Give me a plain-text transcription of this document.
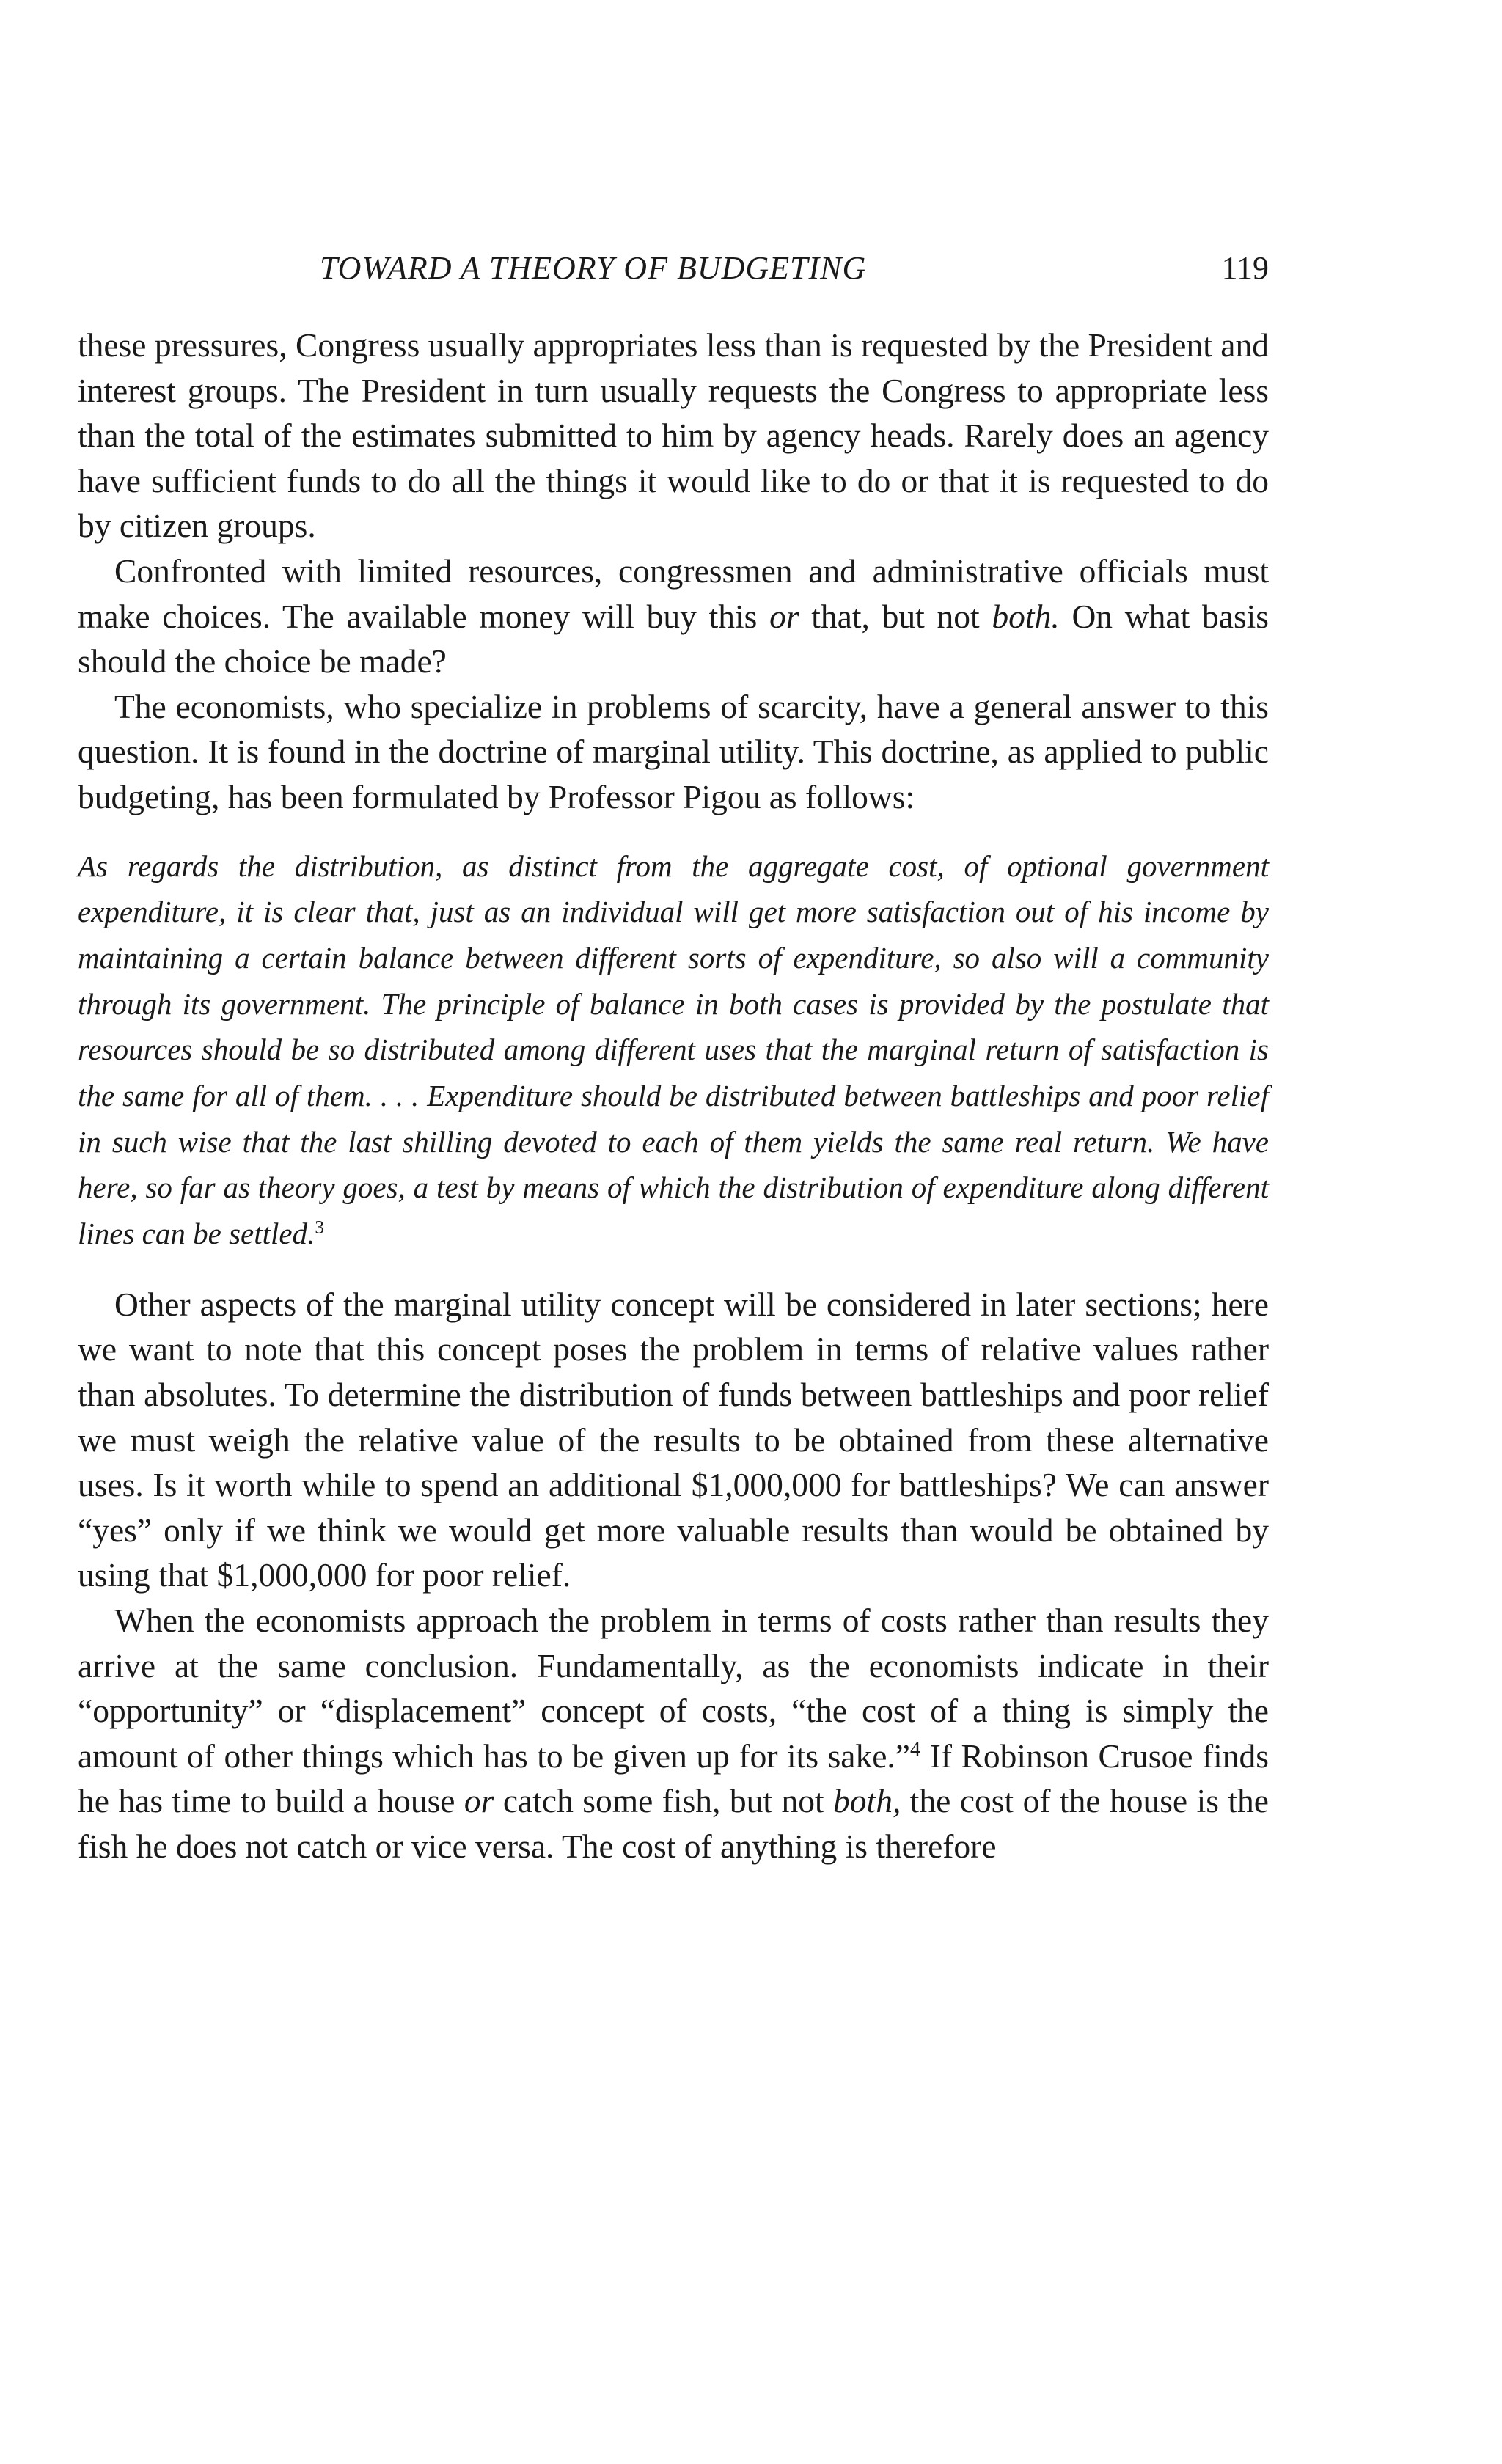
TOWARD A THEORY OF BUDGETING	119

these pressures, Congress usually appropriates less than is requested by the President and interest groups. The President in turn usually requests the Congress to appropriate less than the total of the estimates submitted to him by agency heads. Rarely does an agency have sufficient funds to do all the things it would like to do or that it is requested to do by citizen groups.

Confronted with limited resources, congressmen and administrative officials must make choices. The available money will buy this or that, but not both. On what basis should the choice be made?

The economists, who specialize in problems of scarcity, have a general answer to this question. It is found in the doctrine of marginal utility. This doctrine, as applied to public budgeting, has been formulated by Professor Pigou as follows:

As regards the distribution, as distinct from the aggregate cost, of optional government expenditure, it is clear that, just as an individual will get more satisfaction out of his income by maintaining a certain balance between different sorts of expenditure, so also will a community through its government. The principle of balance in both cases is provided by the postulate that resources should be so distributed among different uses that the marginal return of satisfaction is the same for all of them. . . . Expenditure should be distributed between battleships and poor relief in such wise that the last shilling devoted to each of them yields the same real return. We have here, so far as theory goes, a test by means of which the distribution of expenditure along different lines can be settled.$^3$

Other aspects of the marginal utility concept will be considered in later sections; here we want to note that this concept poses the problem in terms of relative values rather than absolutes. To determine the distribution of funds between battleships and poor relief we must weigh the relative value of the results to be obtained from these alternative uses. Is it worth while to spend an additional $1,000,000 for battleships? We can answer “yes” only if we think we would get more valuable results than would be obtained by using that $1,000,000 for poor relief.

When the economists approach the problem in terms of costs rather than results they arrive at the same conclusion. Fundamentally, as the economists indicate in their “opportunity” or “displacement” concept of costs, “the cost of a thing is simply the amount of other things which has to be given up for its sake.”$^4$ If Robinson Crusoe finds he has time to build a house or catch some fish, but not both, the cost of the house is the fish he does not catch or vice versa. The cost of anything is therefore
